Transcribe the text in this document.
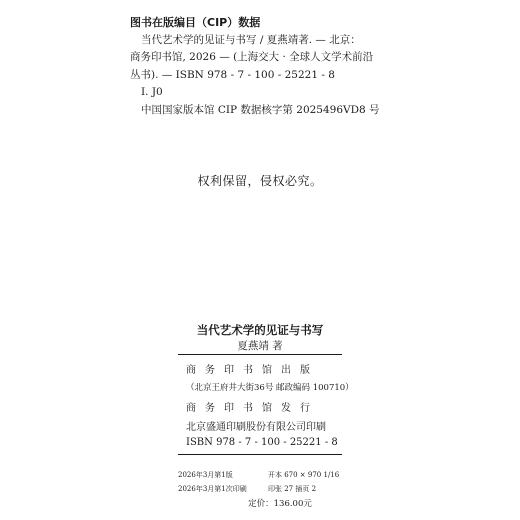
图书在版编目（CIP）数据
当代艺术学的见证与书写 / 夏燕靖著. — 北京：
商务印书馆, 2026 — (上海交大 · 全球人文学术前沿
丛书). — ISBN 978 - 7 - 100 - 25221 - 8
Ⅰ. J0
中国国家版本馆 CIP 数据核字第 2025496VD8 号
权利保留，侵权必究。
当代艺术学的见证与书写
夏燕靖 著
商务印书馆出版
（北京王府井大街36号 邮政编码 100710）
商务印书馆发行
北京盛通印刷股份有限公司印刷
ISBN 978 - 7 - 100 - 25221 - 8
2026年3月第1版	开本 670 × 970 1/16
2026年3月第1次印刷	印张 27 插页 2
定价：136.00元
